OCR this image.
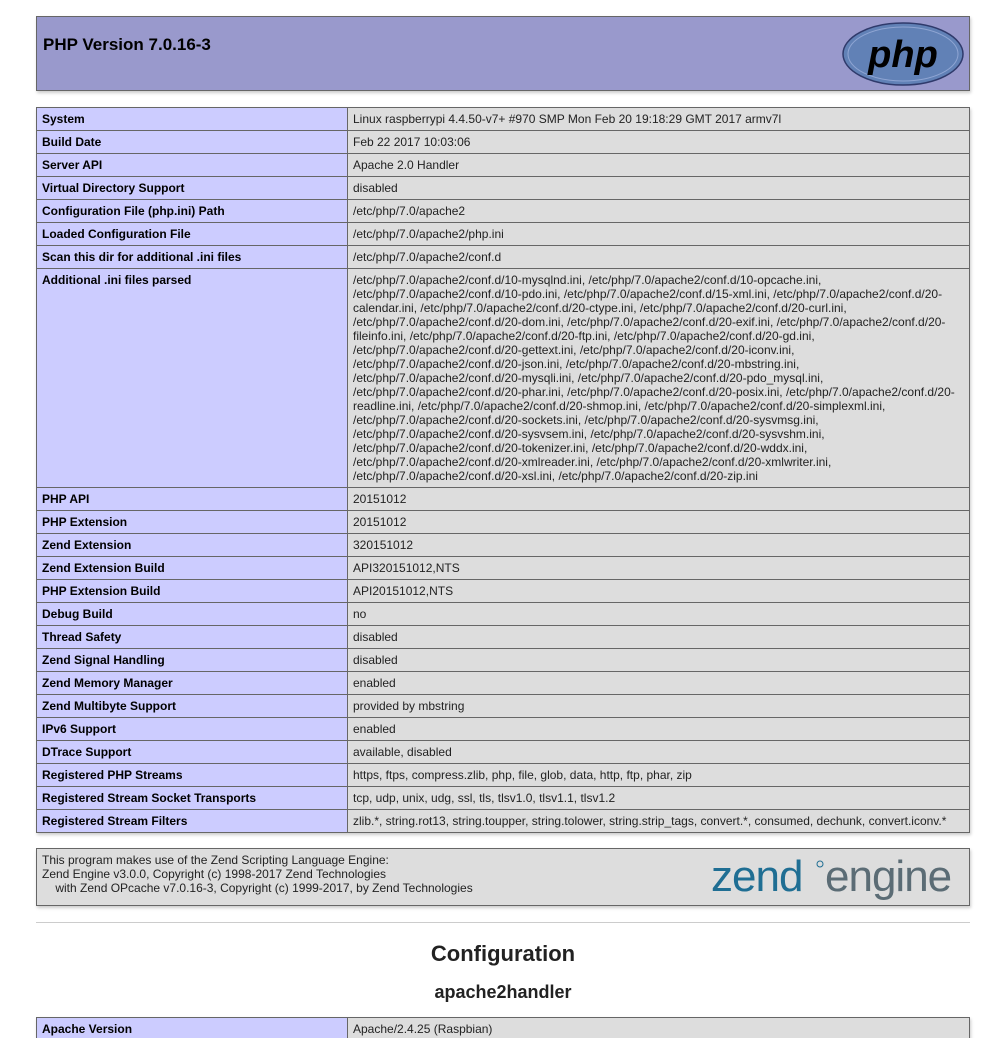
PHP Version 7.0.16-3	php
System	Linux raspberrypi 4.4.50-v7+ #970 SMP Mon Feb 20 19:18:29 GMT 2017 armv7l
Build Date	Feb 22 2017 10:03:06
Server API	Apache 2.0 Handler
Virtual Directory Support	disabled
Configuration File (php.ini) Path	/etc/php/7.0/apache2
Loaded Configuration File	/etc/php/7.0/apache2/php.ini
Scan this dir for additional .ini files	/etc/php/7.0/apache2/conf.d
Additional .ini files parsed	/etc/php/7.0/apache2/conf.d/10-mysqlnd.ini, /etc/php/7.0/apache2/conf.d/10-opcache.ini, /etc/php/7.0/apache2/conf.d/10-pdo.ini, /etc/php/7.0/apache2/conf.d/15-xml.ini, /etc/php/7.0/apache2/conf.d/20-calendar.ini, /etc/php/7.0/apache2/conf.d/20-ctype.ini, /etc/php/7.0/apache2/conf.d/20-curl.ini, /etc/php/7.0/apache2/conf.d/20-dom.ini, /etc/php/7.0/apache2/conf.d/20-exif.ini, /etc/php/7.0/apache2/conf.d/20-fileinfo.ini, /etc/php/7.0/apache2/conf.d/20-ftp.ini, /etc/php/7.0/apache2/conf.d/20-gd.ini, /etc/php/7.0/apache2/conf.d/20-gettext.ini, /etc/php/7.0/apache2/conf.d/20-iconv.ini, /etc/php/7.0/apache2/conf.d/20-json.ini, /etc/php/7.0/apache2/conf.d/20-mbstring.ini, /etc/php/7.0/apache2/conf.d/20-mysqli.ini, /etc/php/7.0/apache2/conf.d/20-pdo_mysql.ini, /etc/php/7.0/apache2/conf.d/20-phar.ini, /etc/php/7.0/apache2/conf.d/20-posix.ini, /etc/php/7.0/apache2/conf.d/20-readline.ini, /etc/php/7.0/apache2/conf.d/20-shmop.ini, /etc/php/7.0/apache2/conf.d/20-simplexml.ini, /etc/php/7.0/apache2/conf.d/20-sockets.ini, /etc/php/7.0/apache2/conf.d/20-sysvmsg.ini, /etc/php/7.0/apache2/conf.d/20-sysvsem.ini, /etc/php/7.0/apache2/conf.d/20-sysvshm.ini, /etc/php/7.0/apache2/conf.d/20-tokenizer.ini, /etc/php/7.0/apache2/conf.d/20-wddx.ini, /etc/php/7.0/apache2/conf.d/20-xmlreader.ini, /etc/php/7.0/apache2/conf.d/20-xmlwriter.ini, /etc/php/7.0/apache2/conf.d/20-xsl.ini, /etc/php/7.0/apache2/conf.d/20-zip.ini
PHP API	20151012
PHP Extension	20151012
Zend Extension	320151012
Zend Extension Build	API320151012,NTS
PHP Extension Build	API20151012,NTS
Debug Build	no
Thread Safety	disabled
Zend Signal Handling	disabled
Zend Memory Manager	enabled
Zend Multibyte Support	provided by mbstring
IPv6 Support	enabled
DTrace Support	available, disabled
Registered PHP Streams	https, ftps, compress.zlib, php, file, glob, data, http, ftp, phar, zip
Registered Stream Socket Transports	tcp, udp, unix, udg, ssl, tls, tlsv1.0, tlsv1.1, tlsv1.2
Registered Stream Filters	zlib.*, string.rot13, string.toupper, string.tolower, string.strip_tags, convert.*, consumed, dechunk, convert.iconv.*
This program makes use of the Zend Scripting Language Engine:
Zend Engine v3.0.0, Copyright (c) 1998-2017 Zend Technologies
with Zend OPcache v7.0.16-3, Copyright (c) 1999-2017, by Zend Technologies	zend engine
Configuration
apache2handler
Apache Version	Apache/2.4.25 (Raspbian)
